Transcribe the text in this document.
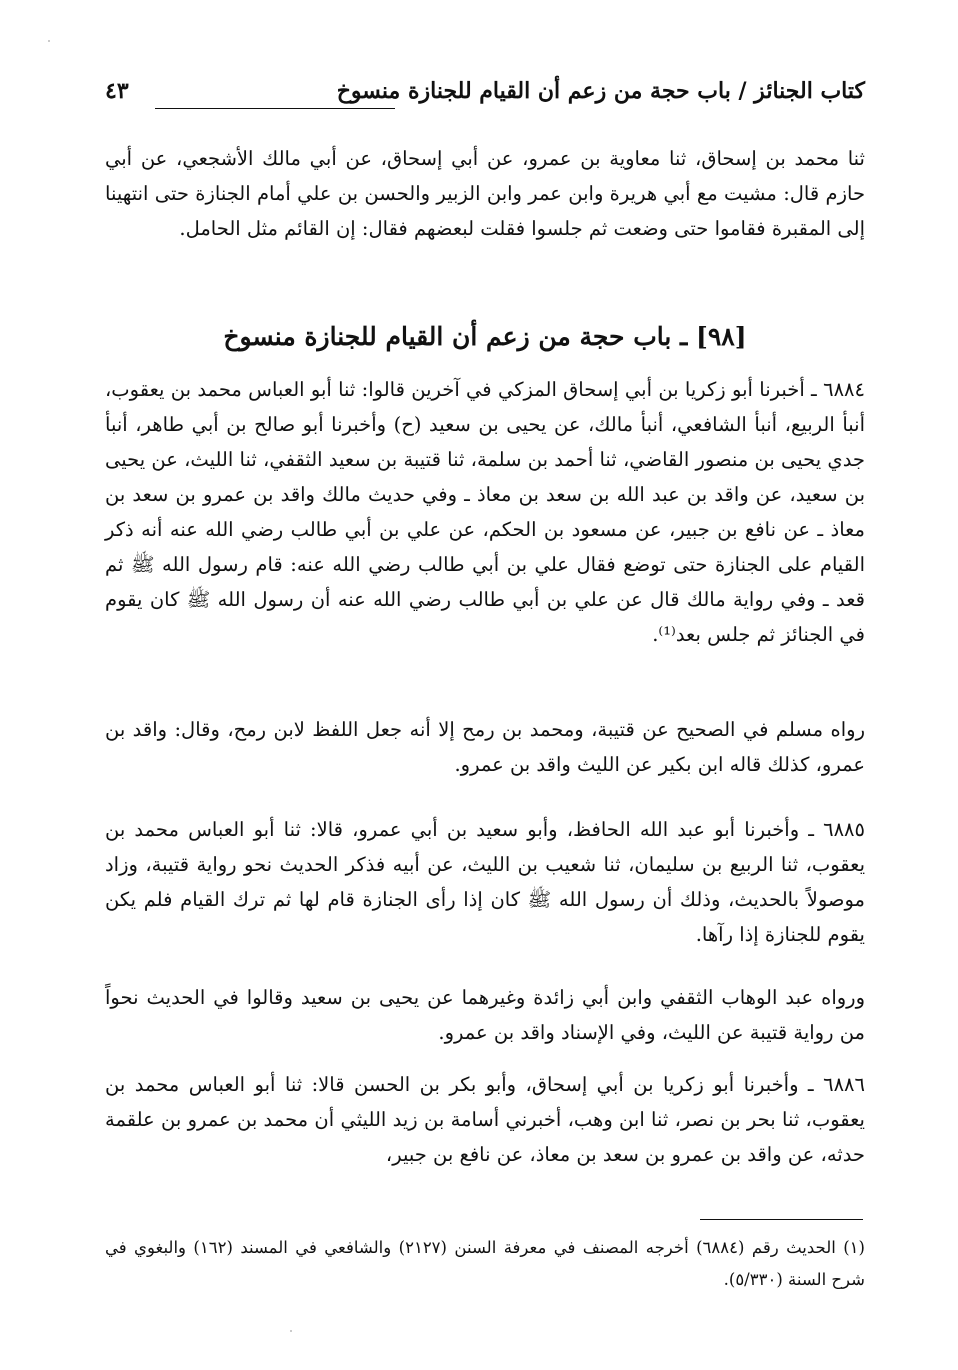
كتاب الجنائز / باب حجة من زعم أن القيام للجنازة منسوخ
٤٣

ثنا محمد بن إسحاق، ثنا معاوية بن عمرو، عن أبي إسحاق، عن أبي مالك الأشجعي، عن أبي حازم قال: مشيت مع أبي هريرة وابن عمر وابن الزبير والحسن بن علي أمام الجنازة حتى انتهينا إلى المقبرة فقاموا حتى وضعت ثم جلسوا فقلت لبعضهم فقال: إن القائم مثل الحامل.

[٩٨] ـ باب حجة من زعم أن القيام للجنازة منسوخ

٦٨٨٤ ـ أخبرنا أبو زكريا بن أبي إسحاق المزكي في آخرين قالوا: ثنا أبو العباس محمد بن يعقوب، أنبأ الربيع، أنبأ الشافعي، أنبأ مالك، عن يحيى بن سعيد (ح) وأخبرنا أبو صالح بن أبي طاهر، أنبأ جدي يحيى بن منصور القاضي، ثنا أحمد بن سلمة، ثنا قتيبة بن سعيد الثقفي، ثنا الليث، عن يحيى بن سعيد، عن واقد بن عبد الله بن سعد بن معاذ ـ وفي حديث مالك واقد بن عمرو بن سعد بن معاذ ـ عن نافع بن جبير، عن مسعود بن الحكم، عن علي بن أبي طالب رضي الله عنه أنه ذكر القيام على الجنازة حتى توضع فقال علي بن أبي طالب رضي الله عنه: قام رسول الله ﷺ ثم قعد ـ وفي رواية مالك قال عن علي بن أبي طالب رضي الله عنه أن رسول الله ﷺ كان يقوم في الجنائز ثم جلس بعد⁽¹⁾.

رواه مسلم في الصحيح عن قتيبة، ومحمد بن رمح إلا أنه جعل اللفظ لابن رمح، وقال: واقد بن عمرو، كذلك قاله ابن بكير عن الليث واقد بن عمرو.

٦٨٨٥ ـ وأخبرنا أبو عبد الله الحافظ، وأبو سعيد بن أبي عمرو، قالا: ثنا أبو العباس محمد بن يعقوب، ثنا الربيع بن سليمان، ثنا شعيب بن الليث، عن أبيه فذكر الحديث نحو رواية قتيبة، وزاد موصولاً بالحديث، وذلك أن رسول الله ﷺ كان إذا رأى الجنازة قام لها ثم ترك القيام فلم يكن يقوم للجنازة إذا رآها.

ورواه عبد الوهاب الثقفي وابن أبي زائدة وغيرهما عن يحيى بن سعيد وقالوا في الحديث نحواً من رواية قتيبة عن الليث، وفي الإسناد واقد بن عمرو.

٦٨٨٦ ـ وأخبرنا أبو زكريا بن أبي إسحاق، وأبو بكر بن الحسن قالا: ثنا أبو العباس محمد بن يعقوب، ثنا بحر بن نصر، ثنا ابن وهب، أخبرني أسامة بن زيد الليثي أن محمد بن عمرو بن علقمة حدثه، عن واقد بن عمرو بن سعد بن معاذ، عن نافع بن جبير،

(١) الحديث رقم (٦٨٨٤) أخرجه المصنف في معرفة السنن (٢١٢٧) والشافعي في المسند (١٦٢) والبغوي في شرح السنة (٥/٣٣٠).
